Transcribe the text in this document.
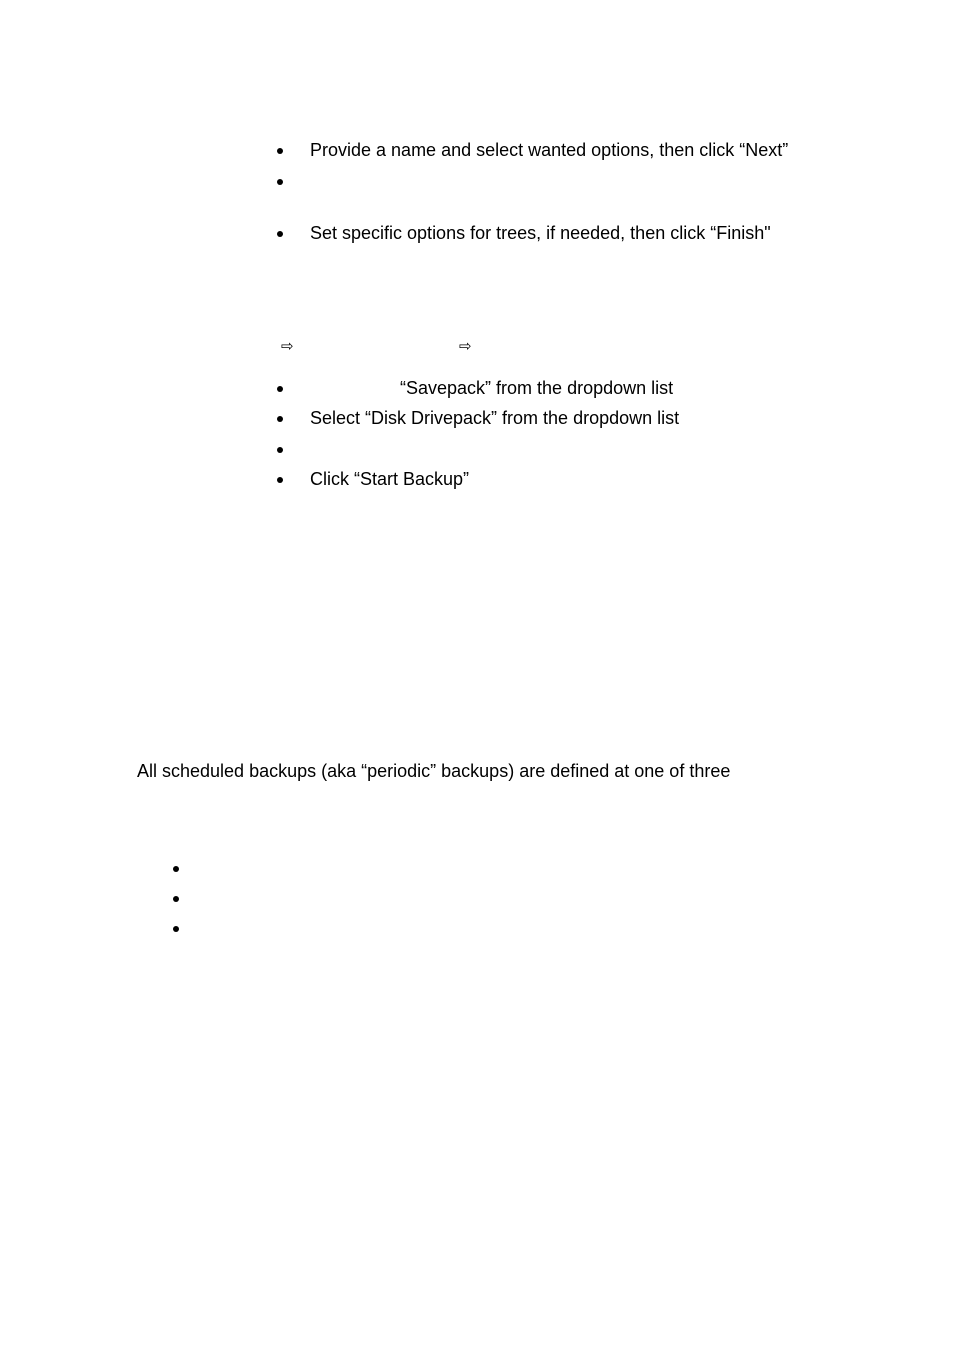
Provide a name and select wanted options, then click “Next”
Set specific options for trees, if needed, then click “Finish"
⇨	⇨
“Savepack” from the dropdown list
Select “Disk Drivepack” from the dropdown list
Click “Start Backup”
All scheduled backups (aka “periodic” backups) are defined at one of three
